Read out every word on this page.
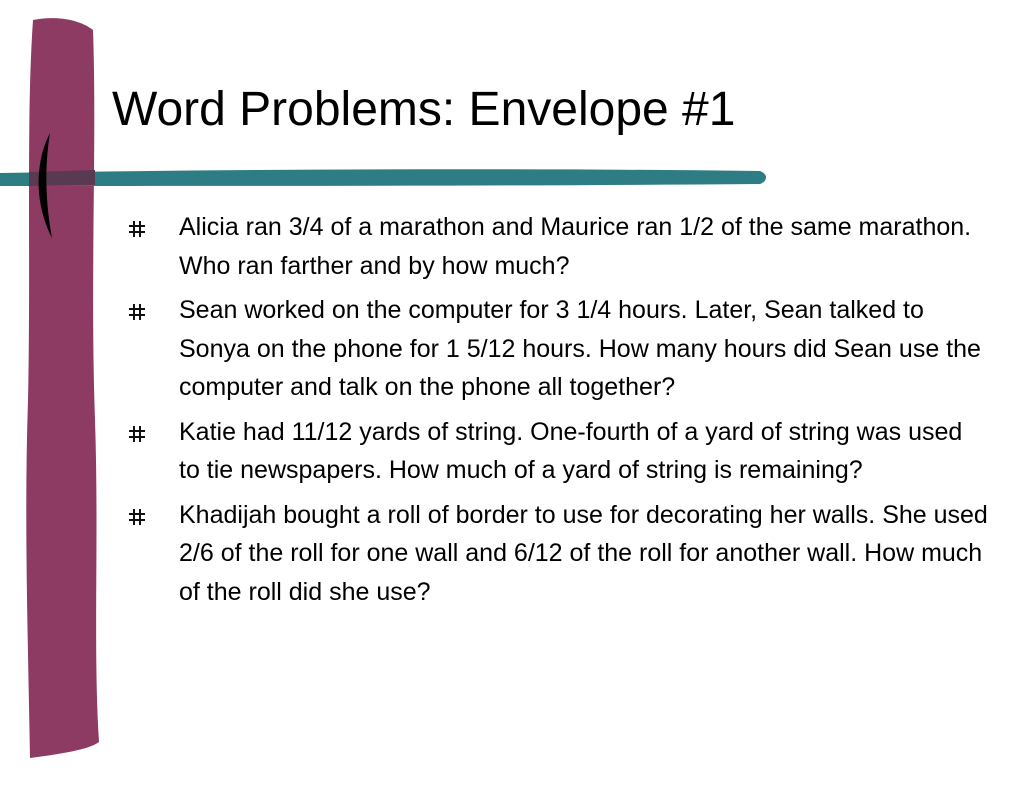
Word Problems: Envelope #1
Alicia ran 3/4 of a marathon and Maurice ran 1/2 of the same marathon. Who ran farther and by how much?
Sean worked on the computer for 3 1/4 hours. Later, Sean talked to Sonya on the phone for 1 5/12 hours. How many hours did Sean use the computer and talk on the phone all together?
Katie had 11/12 yards of string. One-fourth of a yard of string was used to tie newspapers. How much of a yard of string is remaining?
Khadijah bought a roll of border to use for decorating her walls. She used 2/6 of the roll for one wall and 6/12 of the roll for another wall. How much of the roll did she use?
